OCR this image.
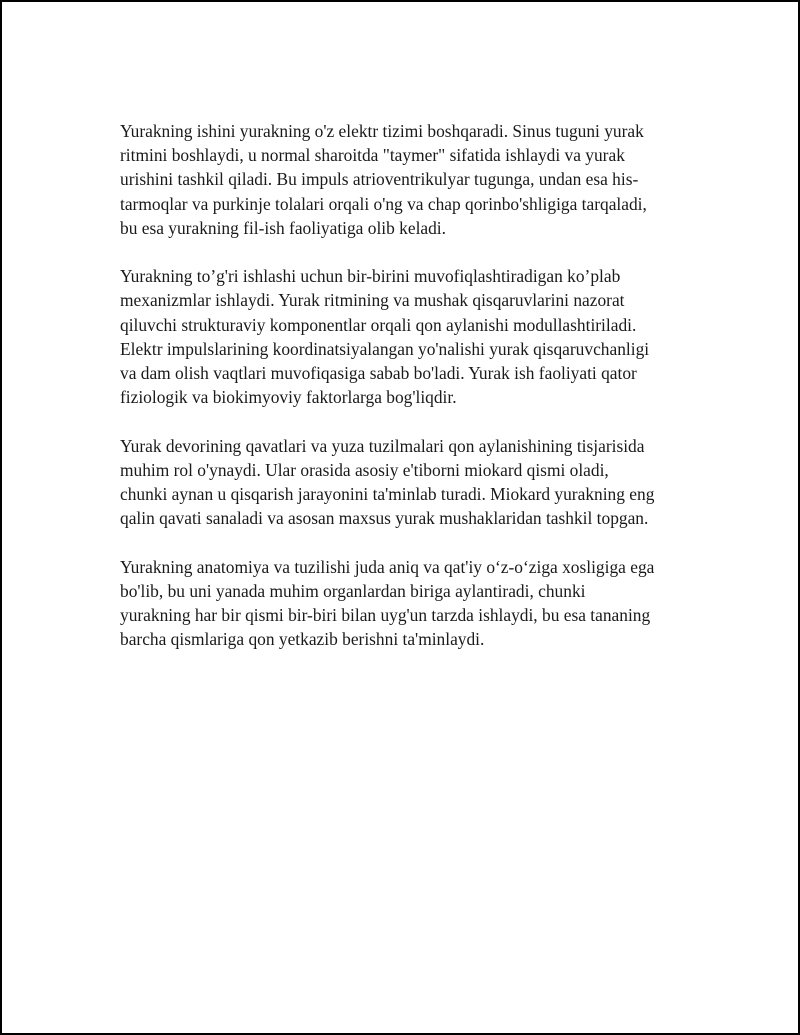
Yurakning ishini yurakning o'z elektr tizimi boshqaradi. Sinus tuguni yurak
ritmini boshlaydi, u normal sharoitda "taymer" sifatida ishlaydi va yurak
urishini tashkil qiladi. Bu impuls atrioventrikulyar tugunga, undan esa his-
tarmoqlar va purkinje tolalari orqali o'ng va chap qorinbo'shligiga tarqaladi,
bu esa yurakning fil-ish faoliyatiga olib keladi.

Yurakning to’g'ri ishlashi uchun bir-birini muvofiqlashtiradigan ko’plab
mexanizmlar ishlaydi. Yurak ritmining va mushak qisqaruvlarini nazorat
qiluvchi strukturaviy komponentlar orqali qon aylanishi modullashtiriladi.
Elektr impulslarining koordinatsiyalangan yo'nalishi yurak qisqaruvchanligi
va dam olish vaqtlari muvofiqasiga sabab bo'ladi. Yurak ish faoliyati qator
fiziologik va biokimyoviy faktorlarga bog'liqdir.

Yurak devorining qavatlari va yuza tuzilmalari qon aylanishining tisjarisida
muhim rol o'ynaydi. Ular orasida asosiy e'tiborni miokard qismi oladi,
chunki aynan u qisqarish jarayonini ta'minlab turadi. Miokard yurakning eng
qalin qavati sanaladi va asosan maxsus yurak mushaklaridan tashkil topgan.

Yurakning anatomiya va tuzilishi juda aniq va qat'iy o‘z-o‘ziga xosligiga ega
bo'lib, bu uni yanada muhim organlardan biriga aylantiradi, chunki
yurakning har bir qismi bir-biri bilan uyg'un tarzda ishlaydi, bu esa tananing
barcha qismlariga qon yetkazib berishni ta'minlaydi.
